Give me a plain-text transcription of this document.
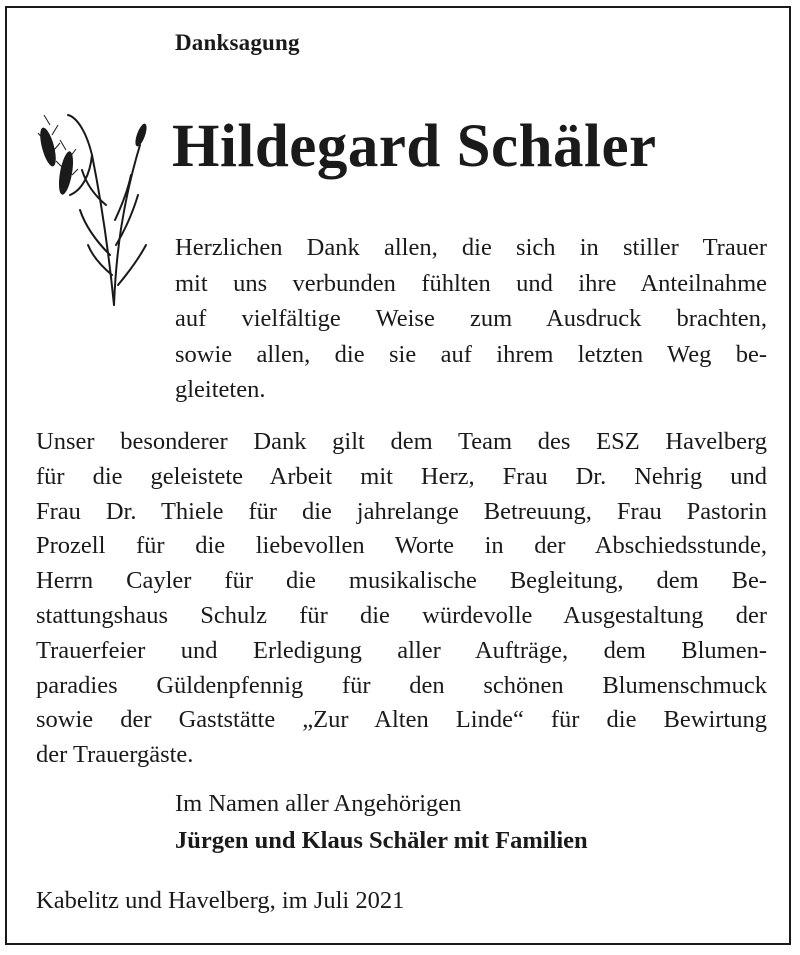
Danksagung
Hildegard Schäler
Herzlichen Dank allen, die sich in stiller Trauer
mit uns verbunden fühlten und ihre Anteilnahme
auf vielfältige Weise zum Ausdruck brachten,
sowie allen, die sie auf ihrem letzten Weg be-
gleiteten.
Unser besonderer Dank gilt dem Team des ESZ Havelberg
für die geleistete Arbeit mit Herz, Frau Dr. Nehrig und
Frau Dr. Thiele für die jahrelange Betreuung, Frau Pastorin
Prozell für die liebevollen Worte in der Abschiedsstunde,
Herrn Cayler für die musikalische Begleitung, dem Be-
stattungshaus Schulz für die würdevolle Ausgestaltung der
Trauerfeier und Erledigung aller Aufträge, dem Blumen-
paradies Güldenpfennig für den schönen Blumenschmuck
sowie der Gaststätte „Zur Alten Linde“ für die Bewirtung
der Trauergäste.
Im Namen aller Angehörigen
Jürgen und Klaus Schäler mit Familien
Kabelitz und Havelberg, im Juli 2021
